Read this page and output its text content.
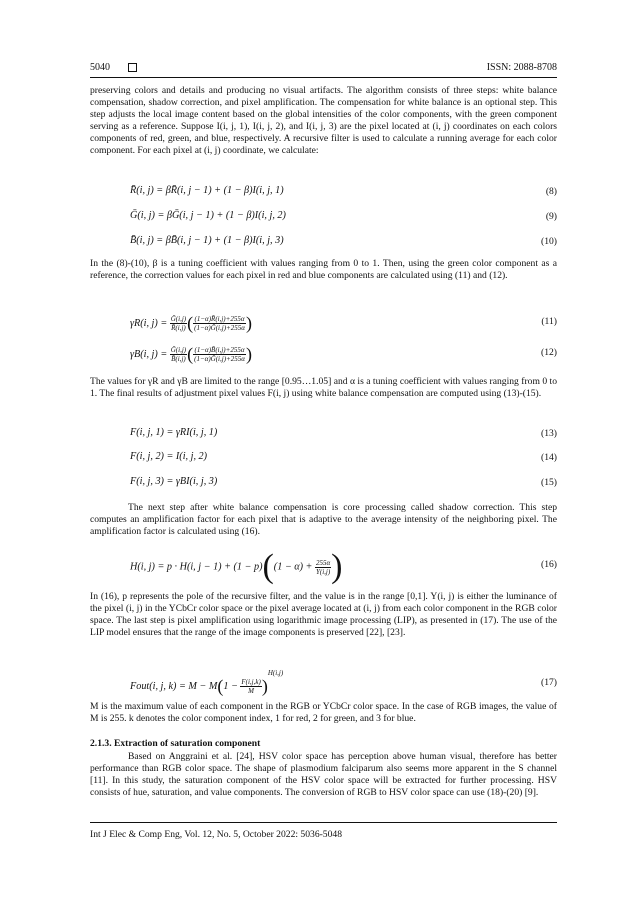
5040	ISSN: 2088-8708
preserving colors and details and producing no visual artifacts. The algorithm consists of three steps: white balance compensation, shadow correction, and pixel amplification. The compensation for white balance is an optional step. This step adjusts the local image content based on the global intensities of the color components, with the green component serving as a reference. Suppose I(i, j, 1), I(i, j, 2), and I(i, j, 3) are the pixel located at (i, j) coordinates on each colors components of red, green, and blue, respectively. A recursive filter is used to calculate a running average for each color component. For each pixel at (i, j) coordinate, we calculate:
R̄(i, j) = βR̄(i, j − 1) + (1 − β)I(i, j, 1)	(8)
Ḡ(i, j) = βḠ(i, j − 1) + (1 − β)I(i, j, 2)	(9)
B̄(i, j) = βB̄(i, j − 1) + (1 − β)I(i, j, 3)	(10)
In the (8)-(10), β is a tuning coefficient with values ranging from 0 to 1. Then, using the green color component as a reference, the correction values for each pixel in red and blue components are calculated using (11) and (12).
γR(i, $j) = \frac{\text{Ḡ(i,j)}}{R̄(i,j)}$ ( $\frac{(1-\alpha)R̄(i,j)+255\alpha}{\text{(1−α)Ḡ(i,j)+255α}}$ )	(11)
γB(i, $j) = \frac{\text{Ḡ(i,j)}}{B̄(i,j)}$ ( $\frac{(1-\alpha)B̄(i,j)+255\alpha}{\text{(1−α)Ḡ(i,j)+255α}}$ )	(12)
The values for γR and γB are limited to the range [0.95…1.05] and α is a tuning coefficient with values ranging from 0 to 1. The final results of adjustment pixel values F(i, j) using white balance compensation are computed using (13)-(15).
F(i, j, 1) = γRI(i, j, 1)	(13)
F(i, j, 2) = I(i, j, 2)	(14)
F(i, j, 3) = γBI(i, j, 3)	(15)
The next step after white balance compensation is core processing called shadow correction. This step computes an amplification factor for each pixel that is adaptive to the average intensity of the neighboring pixel. The amplification factor is calculated using (16).
H(i, j) = p · H(i, $j - 1) + (1 - p)((1 - \alpha) + \frac{255\alpha}{Y(i,j)}$ )	(16)
In (16), p represents the pole of the recursive filter, and the value is in the range [0,1]. Y(i, j) is either the luminance of the pixel (i, j) in the YCbCr color space or the pixel average located at (i, j) from each color component in the RGB color space. The last step is pixel amplification using logarithmic image processing (LIP), as presented in (17). The use of the LIP model ensures that the range of the image components is preserved [22], [23].
Fout(i, j, $k) = M - M(1 - \frac{F(i,j,k)}{M} )^{H(i,j)}$
(17)
M is the maximum value of each component in the RGB or YCbCr color space. In the case of RGB images, the value of M is 255. k denotes the color component index, 1 for red, 2 for green, and 3 for blue.
2.1.3. Extraction of saturation component
Based on Anggraini et al. [24], HSV color space has perception above human visual, therefore has better performance than RGB color space. The shape of plasmodium falciparum also seems more apparent in the S channel [11]. In this study, the saturation component of the HSV color space will be extracted for further processing. HSV consists of hue, saturation, and value components. The conversion of RGB to HSV color space can use (18)-(20) [9].
Int J Elec & Comp Eng, Vol. 12, No. 5, October 2022: 5036-5048
